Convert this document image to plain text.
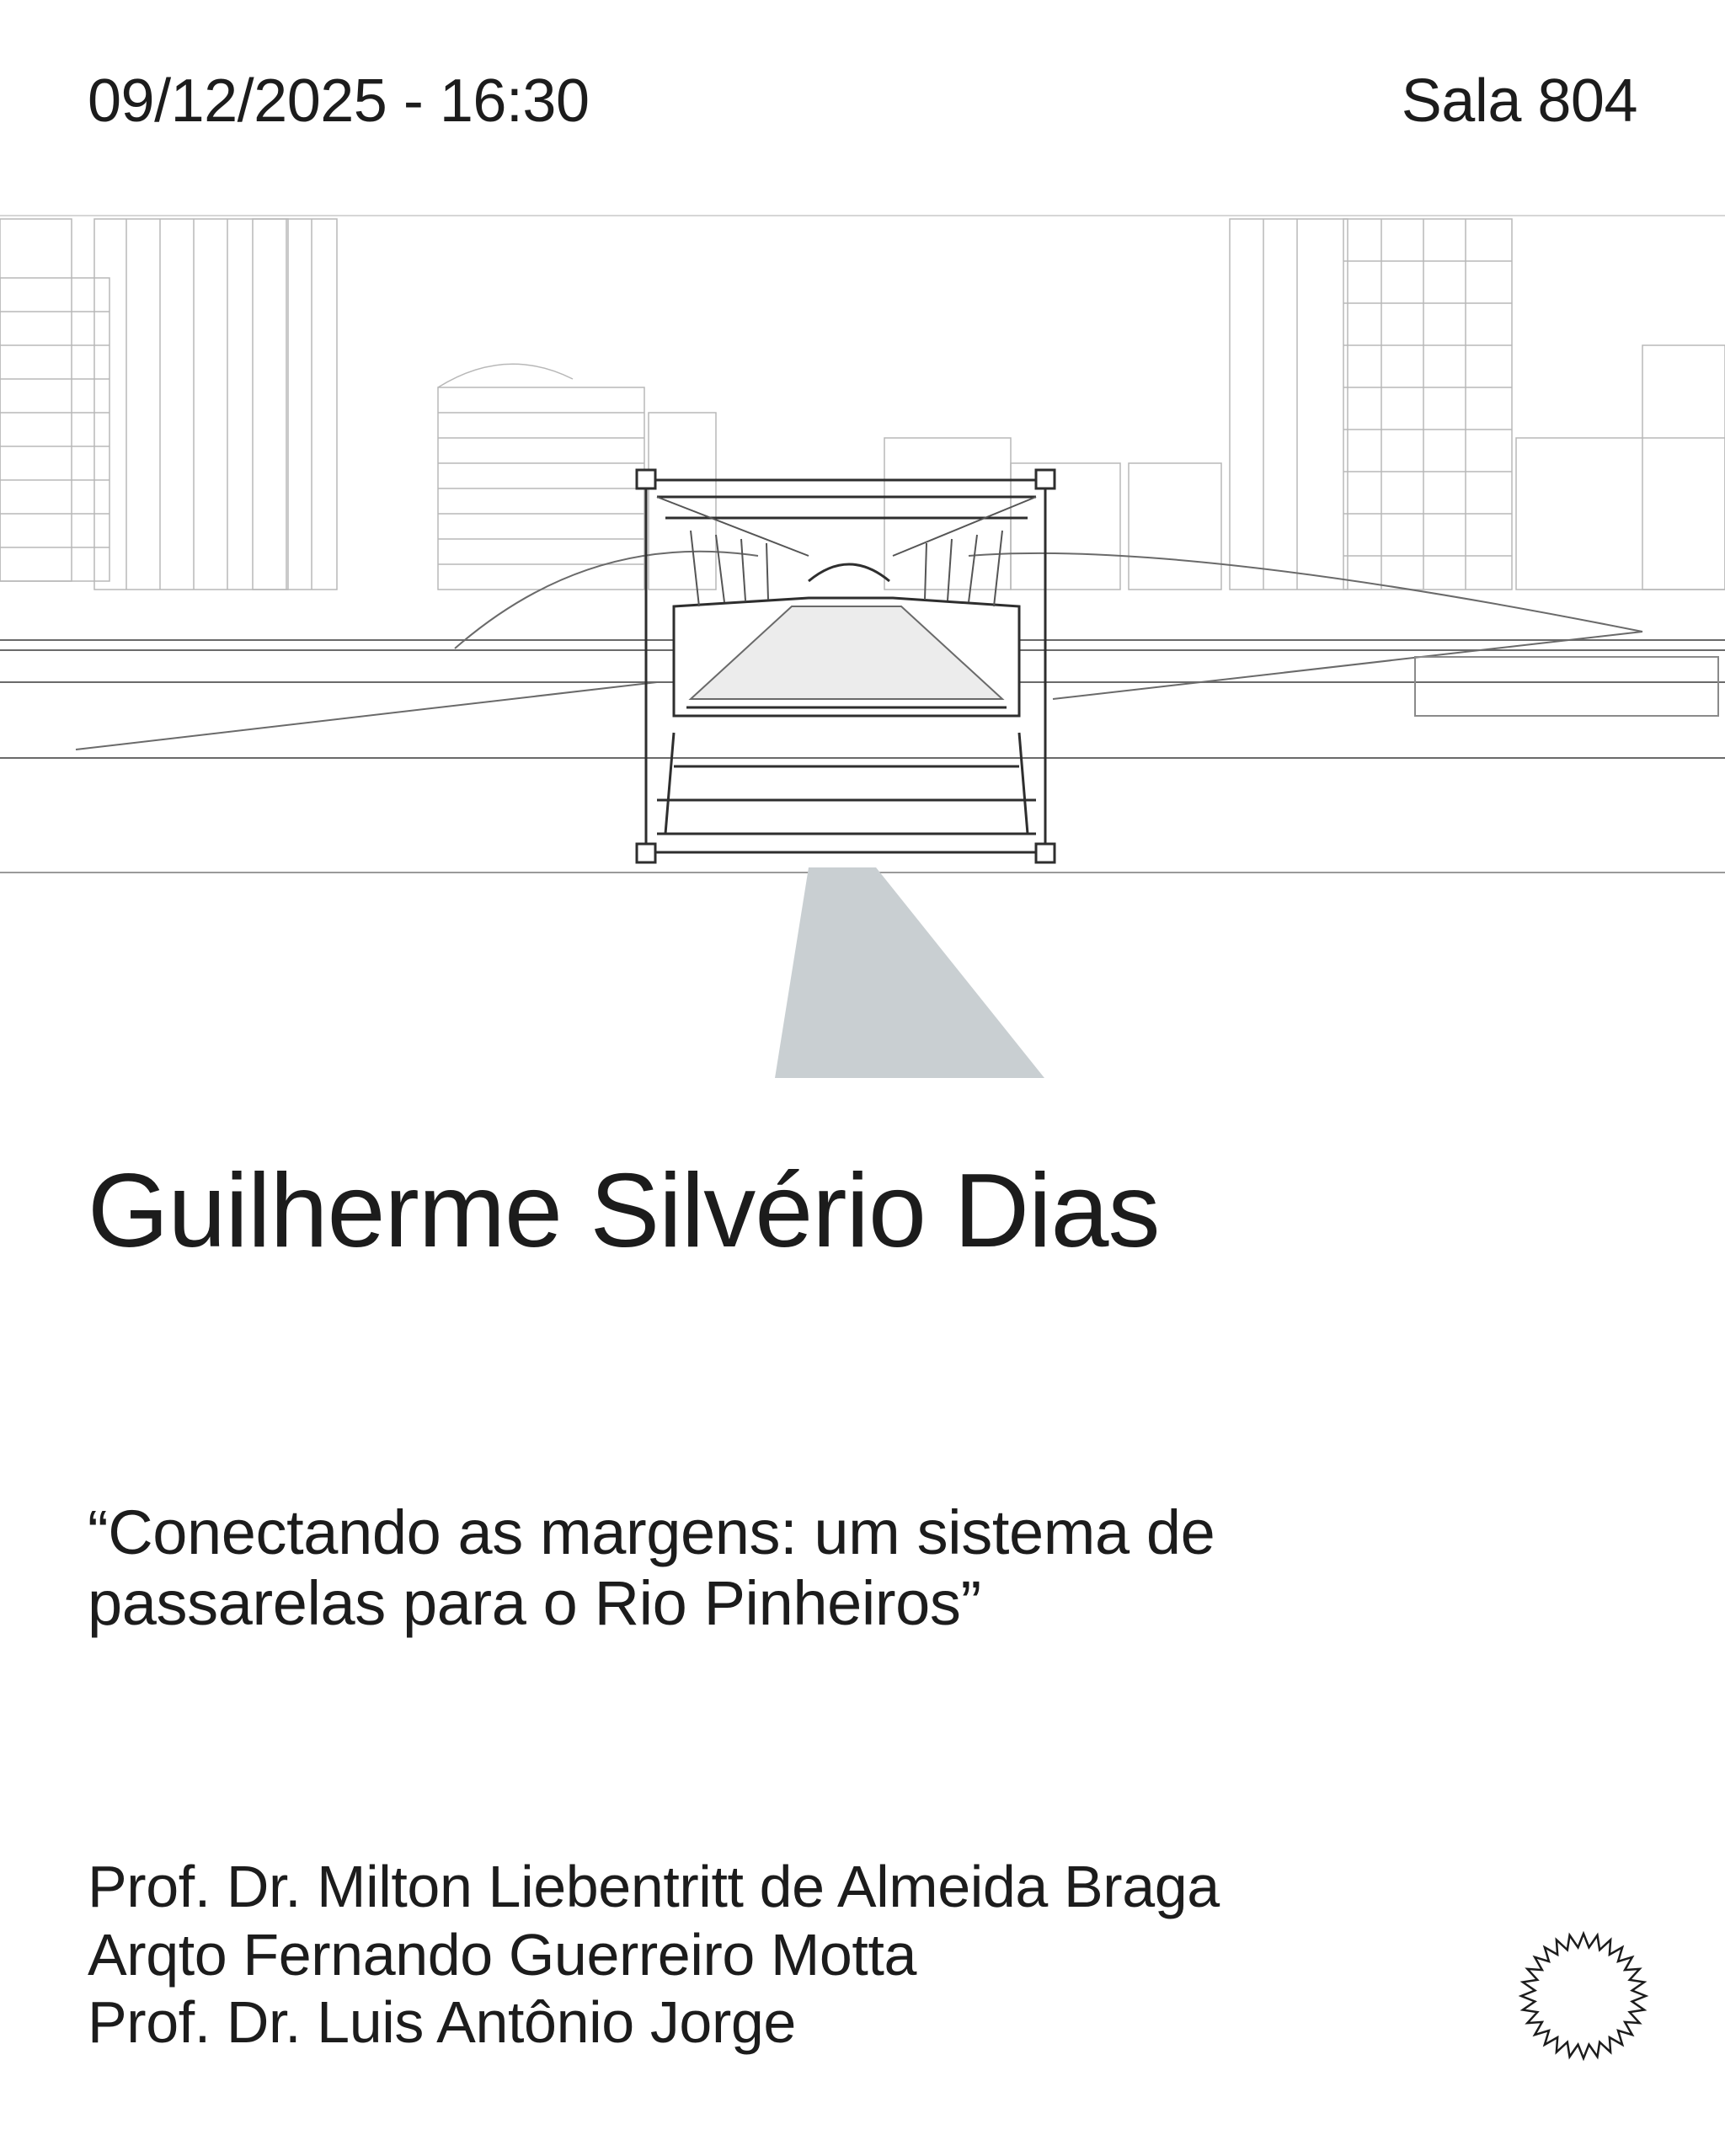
09/12/2025 - 16:30	Sala 804
Guilherme Silvério Dias

“Conectando as margens: um sistema de passarelas para o Rio Pinheiros”

Prof. Dr. Milton Liebentritt de Almeida Braga
Arqto Fernando Guerreiro Motta
Prof. Dr. Luis Antônio Jorge
